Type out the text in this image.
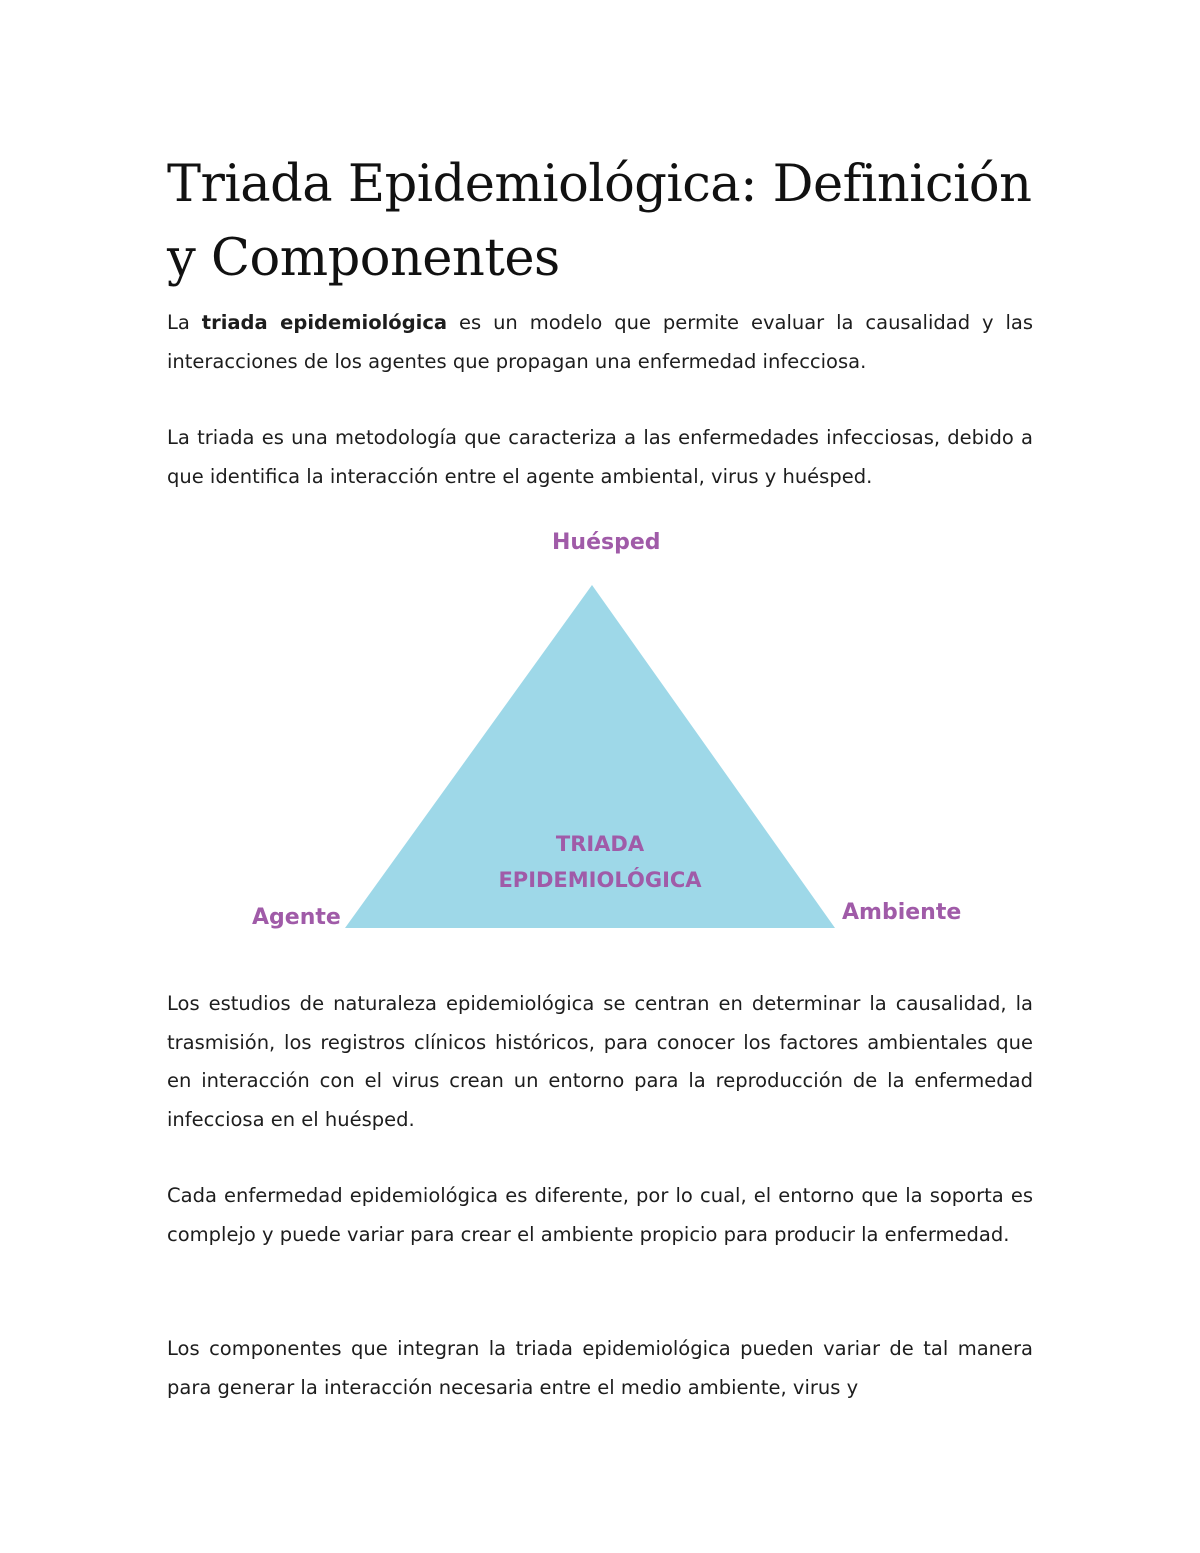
Triada Epidemiológica: Definición y Componentes

La triada epidemiológica es un modelo que permite evaluar la causalidad y las interacciones de los agentes que propagan una enfermedad infecciosa.

La triada es una metodología que caracteriza a las enfermedades infecciosas, debido a que identifica la interacción entre el agente ambiental, virus y huésped.

Huésped

Agente	Ambiente

TRIADA
EPIDEMIOLÓGICA

Los estudios de naturaleza epidemiológica se centran en determinar la causalidad, la trasmisión, los registros clínicos históricos, para conocer los factores ambientales que en interacción con el virus crean un entorno para la reproducción de la enfermedad infecciosa en el huésped.

Cada enfermedad epidemiológica es diferente, por lo cual, el entorno que la soporta es complejo y puede variar para crear el ambiente propicio para producir la enfermedad.

Los componentes que integran la triada epidemiológica pueden variar de tal manera para generar la interacción necesaria entre el medio ambiente, virus y
